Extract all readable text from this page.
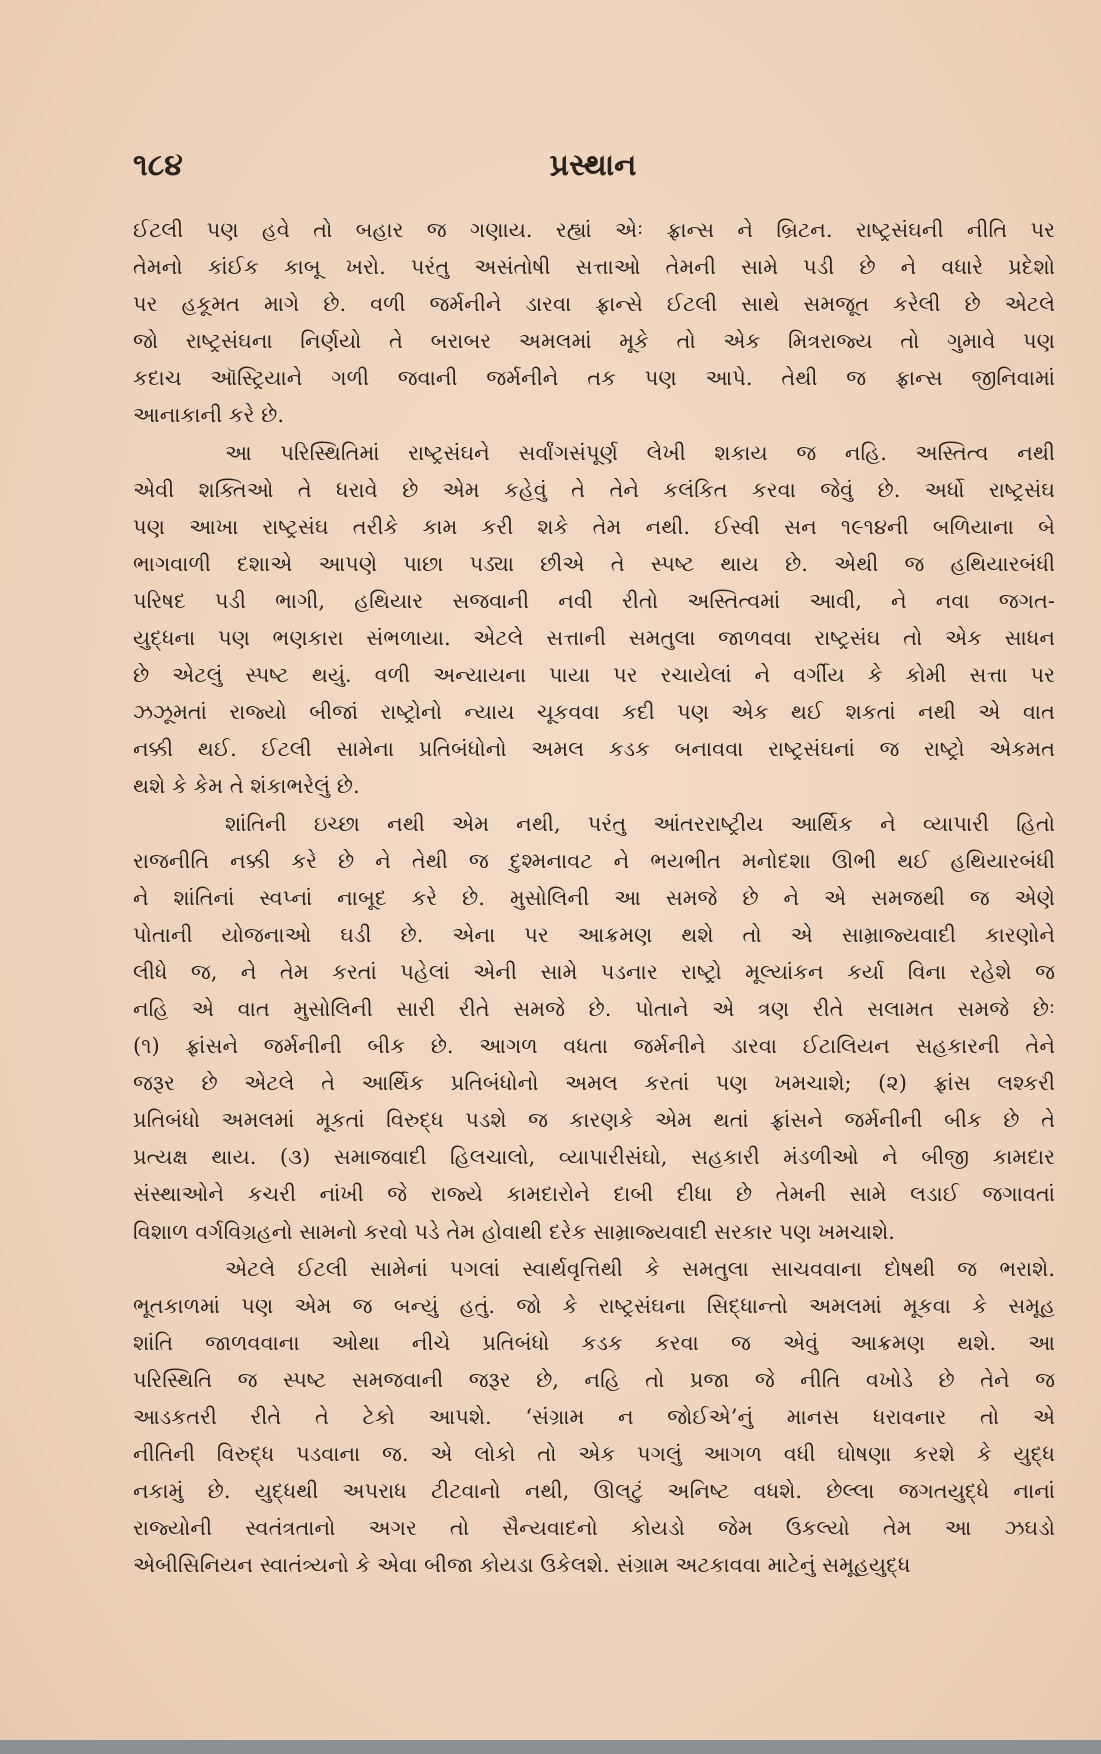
૧૮૪	પ્રસ્થાન
ઈટલી પણ હવે તો બહાર જ ગણાય. રહ્યાં એઃ ફ્રાન્સ ને બ્રિટન. રાષ્ટ્રસંઘની નીતિ પર
તેમનો કાંઈક કાબૂ ખરો. પરંતુ અસંતોષી સત્તાઓ તેમની સામે પડી છે ને વધારે પ્રદેશો
પર હકૂમત માગે છે. વળી જર્મનીને ડારવા ફ્રાન્સે ઈટલી સાથે સમજૂત કરેલી છે એટલે
જો રાષ્ટ્રસંઘના નિર્ણયો તે બરાબર અમલમાં મૂકે તો એક મિત્રરાજ્ય તો ગુમાવે પણ
કદાચ ઑસ્ટ્રિયાને ગળી જવાની જર્મનીને તક પણ આપે. તેથી જ ફ્રાન્સ જીનિવામાં
આનાકાની કરે છે.
આ પરિસ્થિતિમાં રાષ્ટ્રસંઘને સર્વાંગસંપૂર્ણ લેખી શકાય જ નહિ. અસ્તિત્વ નથી
એવી શક્તિઓ તે ધરાવે છે એમ કહેવું તે તેને કલંકિત કરવા જેવું છે. અર્ધો રાષ્ટ્રસંઘ
પણ આખા રાષ્ટ્રસંઘ તરીકે કામ કરી શકે તેમ નથી. ઈસ્વી સન ૧૯૧૪ની બળિયાના બે
ભાગવાળી દશાએ આપણે પાછા પડ્યા છીએ તે સ્પષ્ટ થાય છે. એથી જ હથિયારબંધી
પરિષદ પડી ભાગી, હથિયાર સજવાની નવી રીતો અસ્તિત્વમાં આવી, ને નવા જગત-
યુદ્ધના પણ ભણકારા સંભળાયા. એટલે સત્તાની સમતુલા જાળવવા રાષ્ટ્રસંઘ તો એક સાધન
છે એટલું સ્પષ્ટ થયું. વળી અન્યાયના પાયા પર રચાયેલાં ને વર્ગીય કે કોમી સત્તા પર
ઝઝૂમતાં રાજ્યો બીજાં રાષ્ટ્રોનો ન્યાય ચૂકવવા કદી પણ એક થઈ શકતાં નથી એ વાત
નક્કી થઈ. ઈટલી સામેના પ્રતિબંધોનો અમલ કડક બનાવવા રાષ્ટ્રસંઘનાં જ રાષ્ટ્રો એકમત
થશે કે કેમ તે શંકાભરેલું છે.
શાંતિની ઇચ્છા નથી એમ નથી, પરંતુ આંતરરાષ્ટ્રીય આર્થિક ને વ્યાપારી હિતો
રાજનીતિ નક્કી કરે છે ને તેથી જ દુશ્મનાવટ ને ભયભીત મનોદશા ઊભી થઈ હથિયારબંધી
ને શાંતિનાં સ્વપ્નાં નાબૂદ કરે છે. મુસોલિની આ સમજે છે ને એ સમજથી જ એણે
પોતાની યોજનાઓ ઘડી છે. એના પર આક્રમણ થશે તો એ સામ્રાજ્યવાદી કારણોને
લીધે જ, ને તેમ કરતાં પહેલાં એની સામે પડનાર રાષ્ટ્રો મૂલ્યાંકન કર્યા વિના રહેશે જ
નહિ એ વાત મુસોલિની સારી રીતે સમજે છે. પોતાને એ ત્રણ રીતે સલામત સમજે છેઃ
(૧) ફ્રાંસને જર્મનીની બીક છે. આગળ વધતા જર્મનીને ડારવા ઈટાલિયન સહકારની તેને
જરૂર છે એટલે તે આર્થિક પ્રતિબંધોનો અમલ કરતાં પણ ખમચાશે; (૨) ફ્રાંસ લશ્કરી
પ્રતિબંધો અમલમાં મૂકતાં વિરુદ્ધ પડશે જ કારણકે એમ થતાં ફ્રાંસને જર્મનીની બીક છે તે
પ્રત્યક્ષ થાય. (૩) સમાજવાદી હિલચાલો, વ્યાપારીસંઘો, સહકારી મંડળીઓ ને બીજી કામદાર
સંસ્થાઓને કચરી નાંખી જે રાજ્યે કામદારોને દાબી દીધા છે તેમની સામે લડાઈ જગાવતાં
વિશાળ વર્ગવિગ્રહનો સામનો કરવો પડે તેમ હોવાથી દરેક સામ્રાજ્યવાદી સરકાર પણ ખમચાશે.
એટલે ઈટલી સામેનાં પગલાં સ્વાર્થવૃત્તિથી કે સમતુલા સાચવવાના દોષથી જ ભરાશે.
ભૂતકાળમાં પણ એમ જ બન્યું હતું. જો કે રાષ્ટ્રસંઘના સિદ્ધાન્તો અમલમાં મૂકવા કે સમૂહ
શાંતિ જાળવવાના ઓથા નીચે પ્રતિબંધો કડક કરવા જ એવું આક્રમણ થશે. આ
પરિસ્થિતિ જ સ્પષ્ટ સમજવાની જરૂર છે, નહિ તો પ્રજા જે નીતિ વખોડે છે તેને જ
આડકતરી રીતે તે ટેકો આપશે. ‘સંગ્રામ ન જોઈએ’નું માનસ ધરાવનાર તો એ
નીતિની વિરુદ્ધ પડવાના જ. એ લોકો તો એક પગલું આગળ વધી ઘોષણા કરશે કે યુદ્ધ
નકામું છે. યુદ્ધથી અપરાધ ટીટવાનો નથી, ઊલટું અનિષ્ટ વધશે. છેલ્લા જગતયુદ્ધે નાનાં
રાજ્યોની સ્વતંત્રતાનો અગર તો સૈન્યવાદનો કોયડો જેમ ઉકલ્યો તેમ આ ઝઘડો
એબીસિનિયન સ્વાતંત્ર્યનો કે એવા બીજા કોયડા ઉકેલશે. સંગ્રામ અટકાવવા માટેનું સમૂહયુદ્ધ
